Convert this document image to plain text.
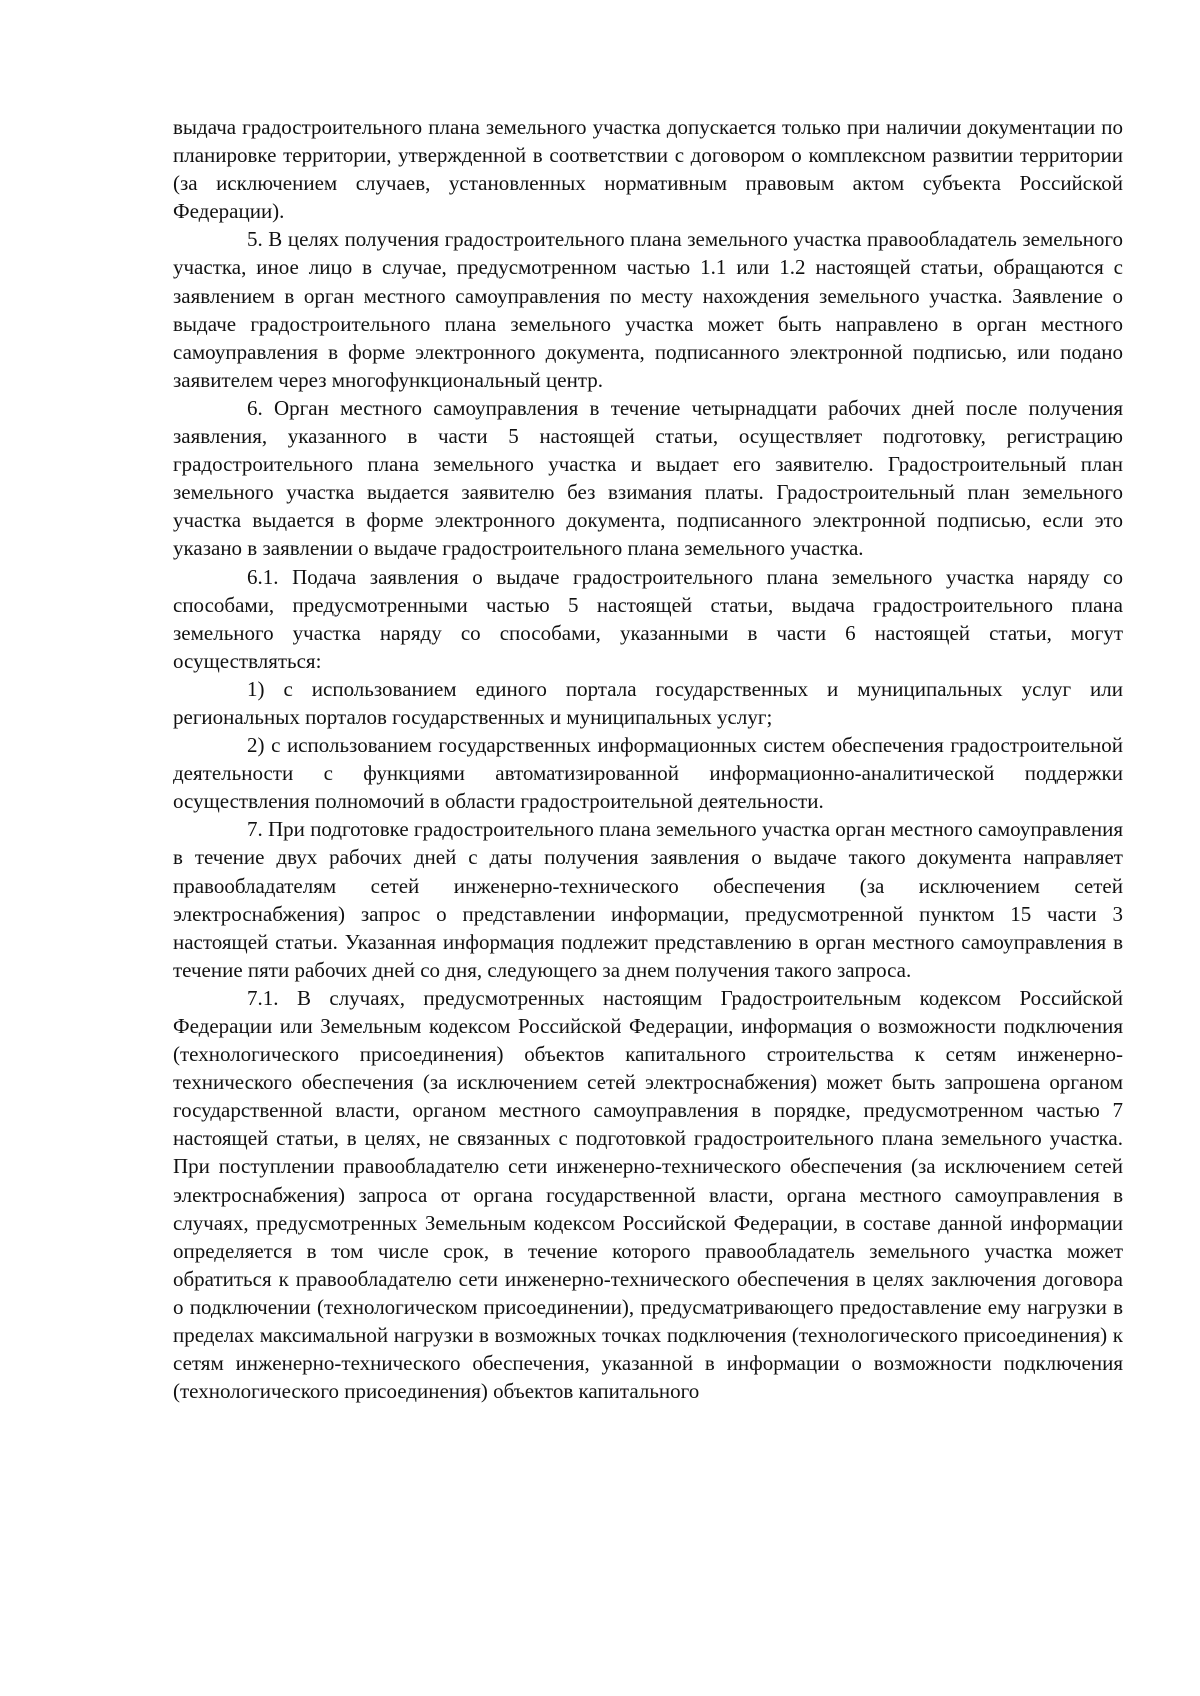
выдача градостроительного плана земельного участка допускается только при наличии документации по планировке территории, утвержденной в соответствии с договором о комплексном развитии территории (за исключением случаев, установленных нормативным правовым актом субъекта Российской Федерации).

5. В целях получения градостроительного плана земельного участка правообладатель земельного участка, иное лицо в случае, предусмотренном частью 1.1 или 1.2 настоящей статьи, обращаются с заявлением в орган местного самоуправления по месту нахождения земельного участка. Заявление о выдаче градостроительного плана земельного участка может быть направлено в орган местного самоуправления в форме электронного документа, подписанного электронной подписью, или подано заявителем через многофункциональный центр.

6. Орган местного самоуправления в течение четырнадцати рабочих дней после получения заявления, указанного в части 5 настоящей статьи, осуществляет подготовку, регистрацию градостроительного плана земельного участка и выдает его заявителю. Градостроительный план земельного участка выдается заявителю без взимания платы. Градостроительный план земельного участка выдается в форме электронного документа, подписанного электронной подписью, если это указано в заявлении о выдаче градостроительного плана земельного участка.

6.1. Подача заявления о выдаче градостроительного плана земельного участка наряду со способами, предусмотренными частью 5 настоящей статьи, выдача градостроительного плана земельного участка наряду со способами, указанными в части 6 настоящей статьи, могут осуществляться:

1) с использованием единого портала государственных и муниципальных услуг или региональных порталов государственных и муниципальных услуг;

2) с использованием государственных информационных систем обеспечения градостроительной деятельности с функциями автоматизированной информационно-аналитической поддержки осуществления полномочий в области градостроительной деятельности.

7. При подготовке градостроительного плана земельного участка орган местного самоуправления в течение двух рабочих дней с даты получения заявления о выдаче такого документа направляет правообладателям сетей инженерно-технического обеспечения (за исключением сетей электроснабжения) запрос о представлении информации, предусмотренной пунктом 15 части 3 настоящей статьи. Указанная информация подлежит представлению в орган местного самоуправления в течение пяти рабочих дней со дня, следующего за днем получения такого запроса.

7.1. В случаях, предусмотренных настоящим Градостроительным кодексом Российской Федерации или Земельным кодексом Российской Федерации, информация о возможности подключения (технологического присоединения) объектов капитального строительства к сетям инженерно-технического обеспечения (за исключением сетей электроснабжения) может быть запрошена органом государственной власти, органом местного самоуправления в порядке, предусмотренном частью 7 настоящей статьи, в целях, не связанных с подготовкой градостроительного плана земельного участка. При поступлении правообладателю сети инженерно-технического обеспечения (за исключением сетей электроснабжения) запроса от органа государственной власти, органа местного самоуправления в случаях, предусмотренных Земельным кодексом Российской Федерации, в составе данной информации определяется в том числе срок, в течение которого правообладатель земельного участка может обратиться к правообладателю сети инженерно-технического обеспечения в целях заключения договора о подключении (технологическом присоединении), предусматривающего предоставление ему нагрузки в пределах максимальной нагрузки в возможных точках подключения (технологического присоединения) к сетям инженерно-технического обеспечения, указанной в информации о возможности подключения (технологического присоединения) объектов капитального
